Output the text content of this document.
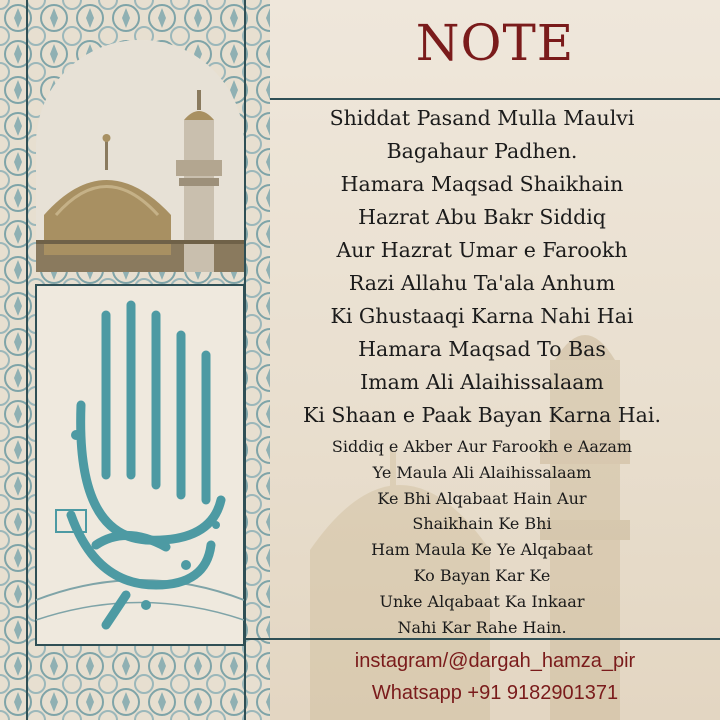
NOTE
Shiddat Pasand Mulla Maulvi
Bagahaur Padhen.
Hamara Maqsad Shaikhain
Hazrat Abu Bakr Siddiq
Aur Hazrat Umar e Farookh
Razi Allahu Ta'ala Anhum
Ki Ghustaaqi Karna Nahi Hai
Hamara Maqsad To Bas
Imam Ali Alaihissalaam
Ki Shaan e Paak Bayan Karna Hai.
Siddiq e Akber Aur Farookh e Aazam
Ye Maula Ali Alaihissalaam
Ke Bhi Alqabaat Hain Aur
Shaikhain Ke Bhi
Ham Maula Ke Ye Alqabaat
Ko Bayan Kar Ke
Unke Alqabaat Ka Inkaar
Nahi Kar Rahe Hain.
instagram/@dargah_hamza_pir
Whatsapp +91 9182901371
